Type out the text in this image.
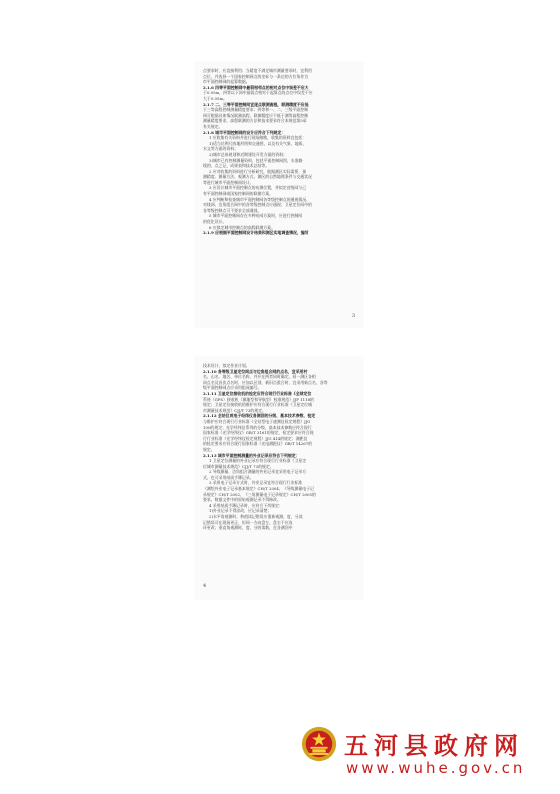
点要求时，应直接利用；当精度不满足城市测量要求时，宜利用
点位，并选择一个国家控制网点的坐标与一条边的方位角作为
市平面控制网的起算数据。
2.1.6 四等平面控制网中最弱相邻点的相对点位中误差不应大
于0.05m，四等以下网中最弱点相对于起算点的点位中误差不应
大于0.05m。
2.1.7 二、三等平面控制网宜逐点联测高程，联测精度不应低
于三等高程控制测量精度要求；四等和一、二、三级平面控制
网可根据具体情况联测高程，联测精度应不低于测等高程控制
测量精度要求，高程联测的方法和技术要求符合本规范第5章
有关规定。
2.1.8 城市平面控制网的设计应符合下列规定：
1 应收集有关资料并进行现场踏勘，收集的资料宜包括：
1)适当比例尺的地形图和交通图，以及有关气象、地质、
水文等方面的资料；
2)城市总体规划和近期建设开发方面的资料；
3)城市已有控制测量资料，包括平面控制网图、水准路
线图、点之记、成果表和技术总结等。
2 应对收集的资料进行分析研究，根据测区实际需要、预
测精度、测量方法、观测方式、测区的自然地理条件与交通状况
等进行城市平面控制网设计。
3 应设计城市平面控制点的布测位置，并拟定首级网与已
有平面控制网或国家控制网的联测方案。
4 应判断和检查城市平面控制网各等级控制点的通视情况、
对线网、边角组合网中的各等级控制点应通视；卫星定位网中的
各等级控制点可不要求全部通视。
5 城市平面控制网存在多种布网方案时，应进行控制网
的优化设计。
6 应拟定城市控制点的高程联测方案。
2.1.9 应根据平面控制网设计结果和测区实地调查情况，编写
3
技术设计，拟定作业计划。
2.1.10 各等级卫星定位网点与边角组合网的点名，宜采用村
名、山名、地名、单位名称，并应在两者同时确定。同一测区各相
同点名及首次点名时，应加以区别，新旧点重合时，宜采用新点名，各等
级平面控制网点应采用组成编号。
2.1.11 卫星定位接收机的检定应符合现行行业标准《全球定位
系统（GPS）接收机（测地型和导航型）校准规范》JJF 1118的
规定；卫星定位接收机的维护应符合现行行业标准《卫星定位城
市测量技术规范》CJJ/T 73的规定。
2.1.12 全站仪或电子经纬仪各测回的分级、基本技术参数、检定
与维护应符合现行行业标准《全站型电子速测仪检定规程》JJG
100的规定；光学经纬仪系列的分级、基本技术参数应符合现行
国家标准《光学经纬仪》GB/T 3161的规定，检定要求应符合现
行行业标准《光学经纬仪检定规程》JJG 414的规定；测距仪
的检定要求应符合现行国家标准《光电测距仪》GB/T 14267的
规定。
2.1.13 城市平面控制测量的外业记录应符合下列规定：
1 卫星定位测量的外业记录应符合现行行业标准《卫星定
位城市测量技术规范》CJJ/T 73的规定。
2 导线测量、边角组合测量的外业记录宜采用电子记录方
式，也可采用纸质手簿记录。
3 采用电子记录方式时，外业记录宜符合现行行业标准
《测绘外业电子记录基本规定》CH/T 2004、《导线测量电子记
录规定》CH/T 2002、《三角测量电子记录规定》CH/T 2005的
要求。数据文件中的原始观测记录不得修改。
4 采用纸质手簿记录时，应符合下列规定：
1)外业记录不得涂改，应记录清楚；
2)水平角观测时，秒值读记错误应重新观测，度、分读
记错误可在现场更正，但同一方向盘左、盘右不应连
环更改；垂直角观测时，度、分的读数，在各测回中
4
五河县政府网
www.wuhe.gov.cn
